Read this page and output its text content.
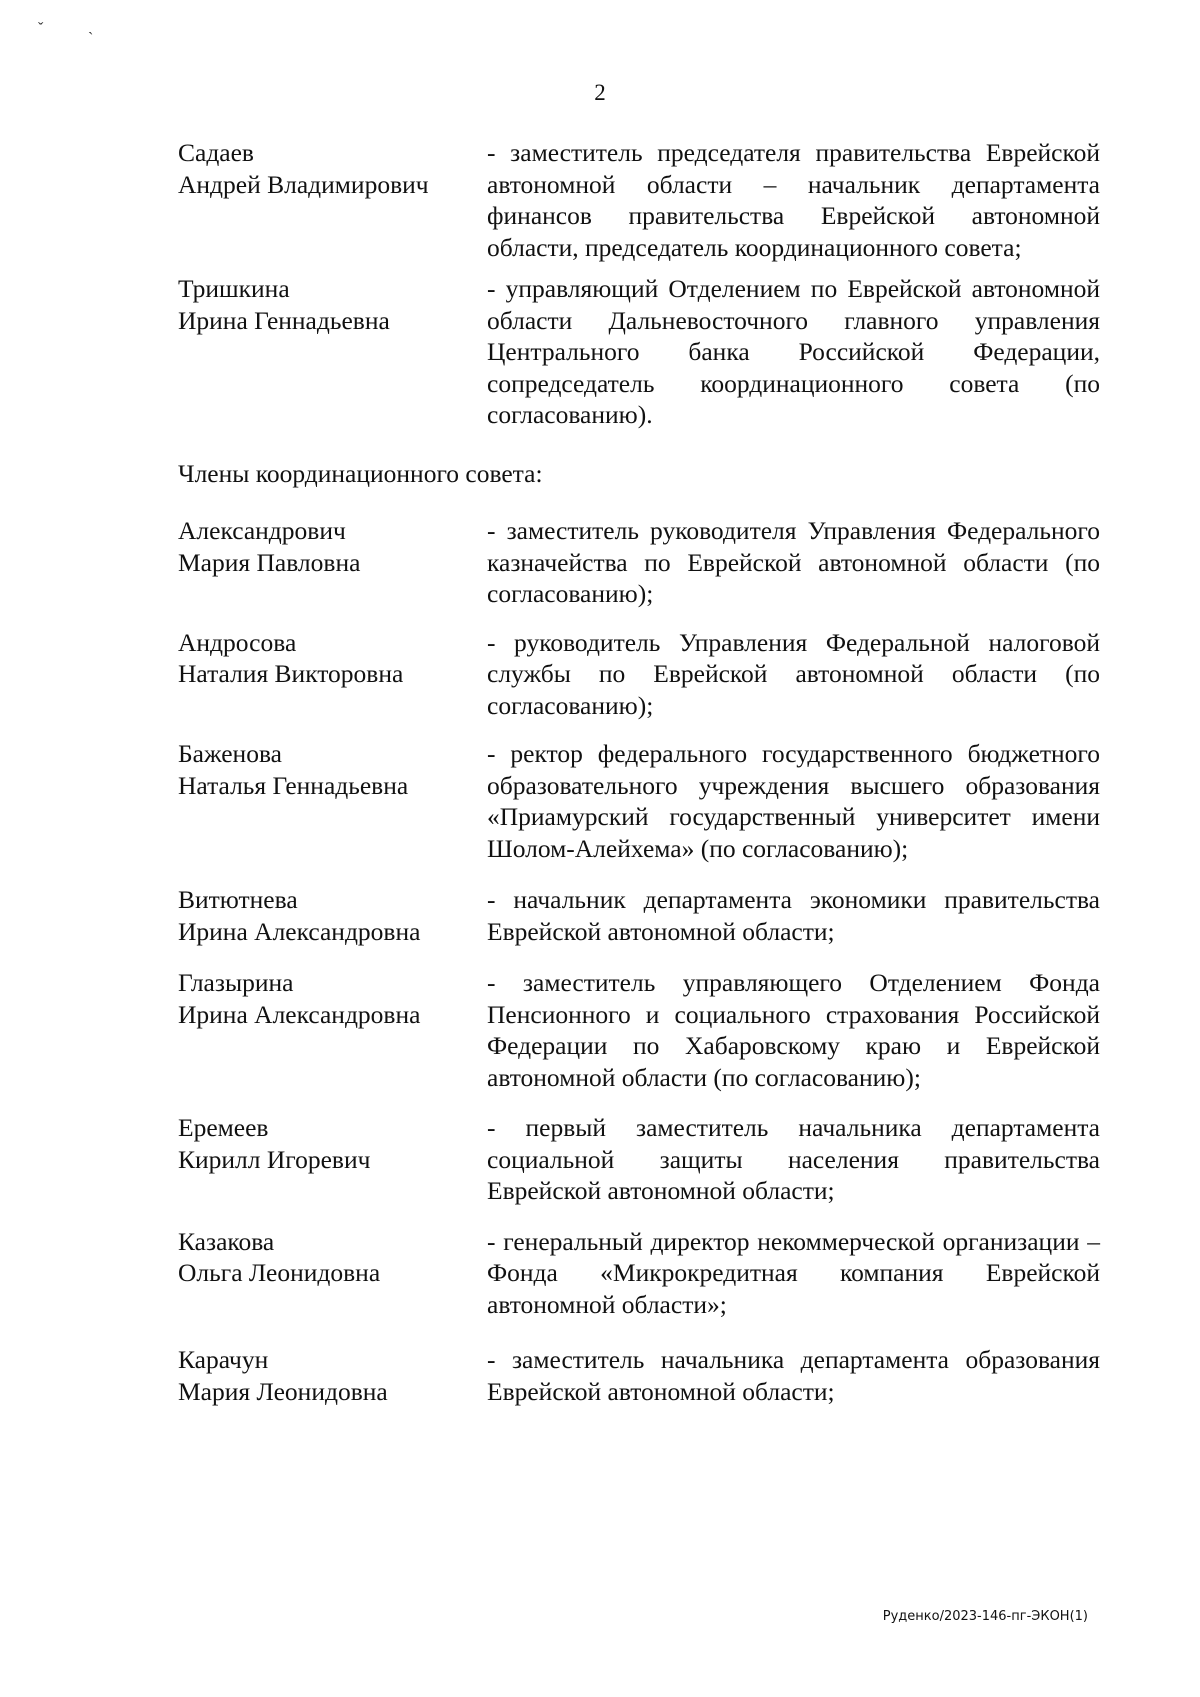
ˇ	ˏ
2
Садаев
Андрей Владимирович
- заместитель председателя правительства Еврейской автономной области – начальник департамента финансов правительства Еврейской автономной области, председатель координационного совета;
Тришкина
Ирина Геннадьевна
- управляющий Отделением по Еврейской автономной области Дальневосточного главного управления Центрального банка Российской Федерации, сопредседатель координационного совета (по согласованию).
Члены координационного совета:
Александрович
Мария Павловна
- заместитель руководителя Управления Федерального казначейства по Еврейской автономной области (по согласованию);
Андросова
Наталия Викторовна
- руководитель Управления Федеральной налоговой службы по Еврейской автономной области (по согласованию);
Баженова
Наталья Геннадьевна
- ректор федерального государственного бюджетного образовательного учреждения высшего образования «Приамурский государственный университет имени Шолом-Алейхема» (по согласованию);
Витютнева
Ирина Александровна
- начальник департамента экономики правительства Еврейской автономной области;
Глазырина
Ирина Александровна
- заместитель управляющего Отделением Фонда Пенсионного и социального страхования Российской Федерации по Хабаровскому краю и Еврейской автономной области (по согласованию);
Еремеев
Кирилл Игоревич
- первый заместитель начальника департамента социальной защиты населения правительства Еврейской автономной области;
Казакова
Ольга Леонидовна
- генеральный директор некоммерческой организации – Фонда «Микрокредитная компания Еврейской автономной области»;
Карачун
Мария Леонидовна
- заместитель начальника департамента образования Еврейской автономной области;
Руденко/2023-146-пг-ЭКОН(1)
